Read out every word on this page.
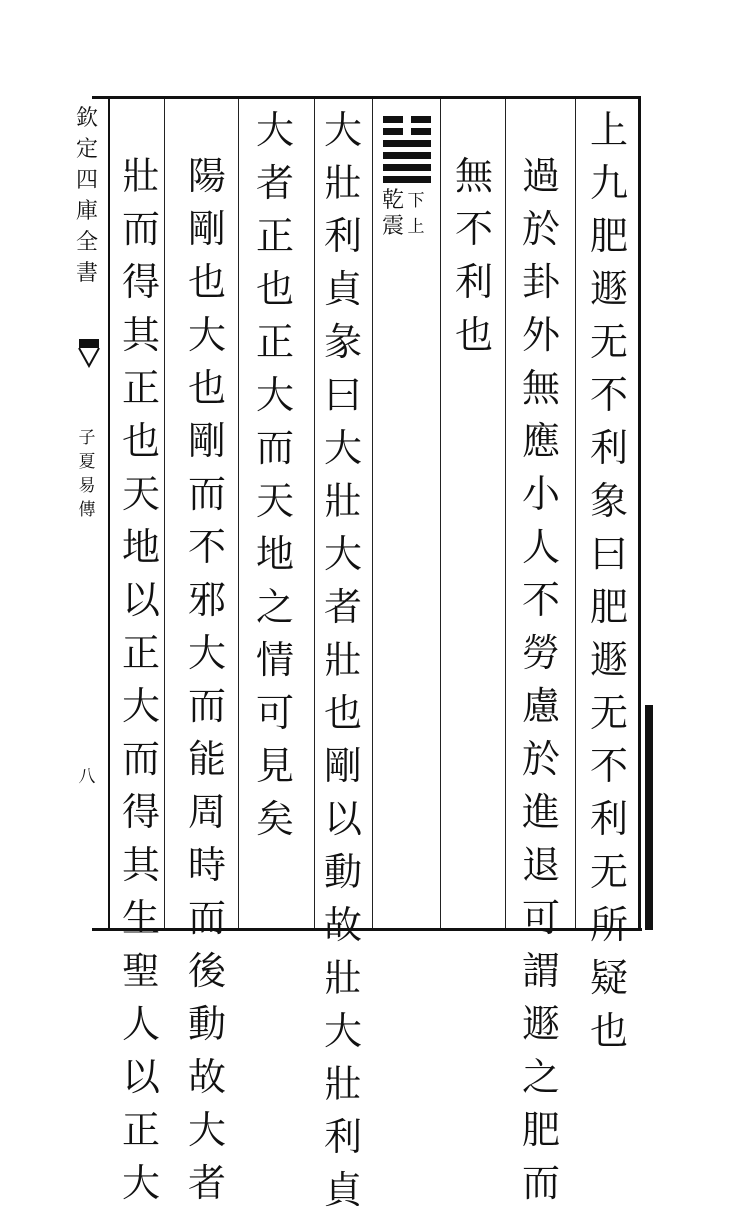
欽
定
四
庫
全
書
子
夏
易
傳
八
上
九
肥
遯
无
不
利
象
曰
肥
遯
无
不
利
无
所
疑
也
過
於
卦
外
無
應
小
人
不
勞
慮
於
進
退
可
謂
遯
之
肥
而
無
不
利
也
乾 下
震 上
大
壯
利
貞
彖
曰
大
壯
大
者
壯
也
剛
以
動
故
壯
大
壯
利
貞
大
者
正
也
正
大
而
天
地
之
情
可
見
矣
陽
剛
也
大
也
剛
而
不
邪
大
而
能
周
時
而
後
動
故
大
者
壯
而
得
其
正
也
天
地
以
正
大
而
得
其
生
聖
人
以
正
大
